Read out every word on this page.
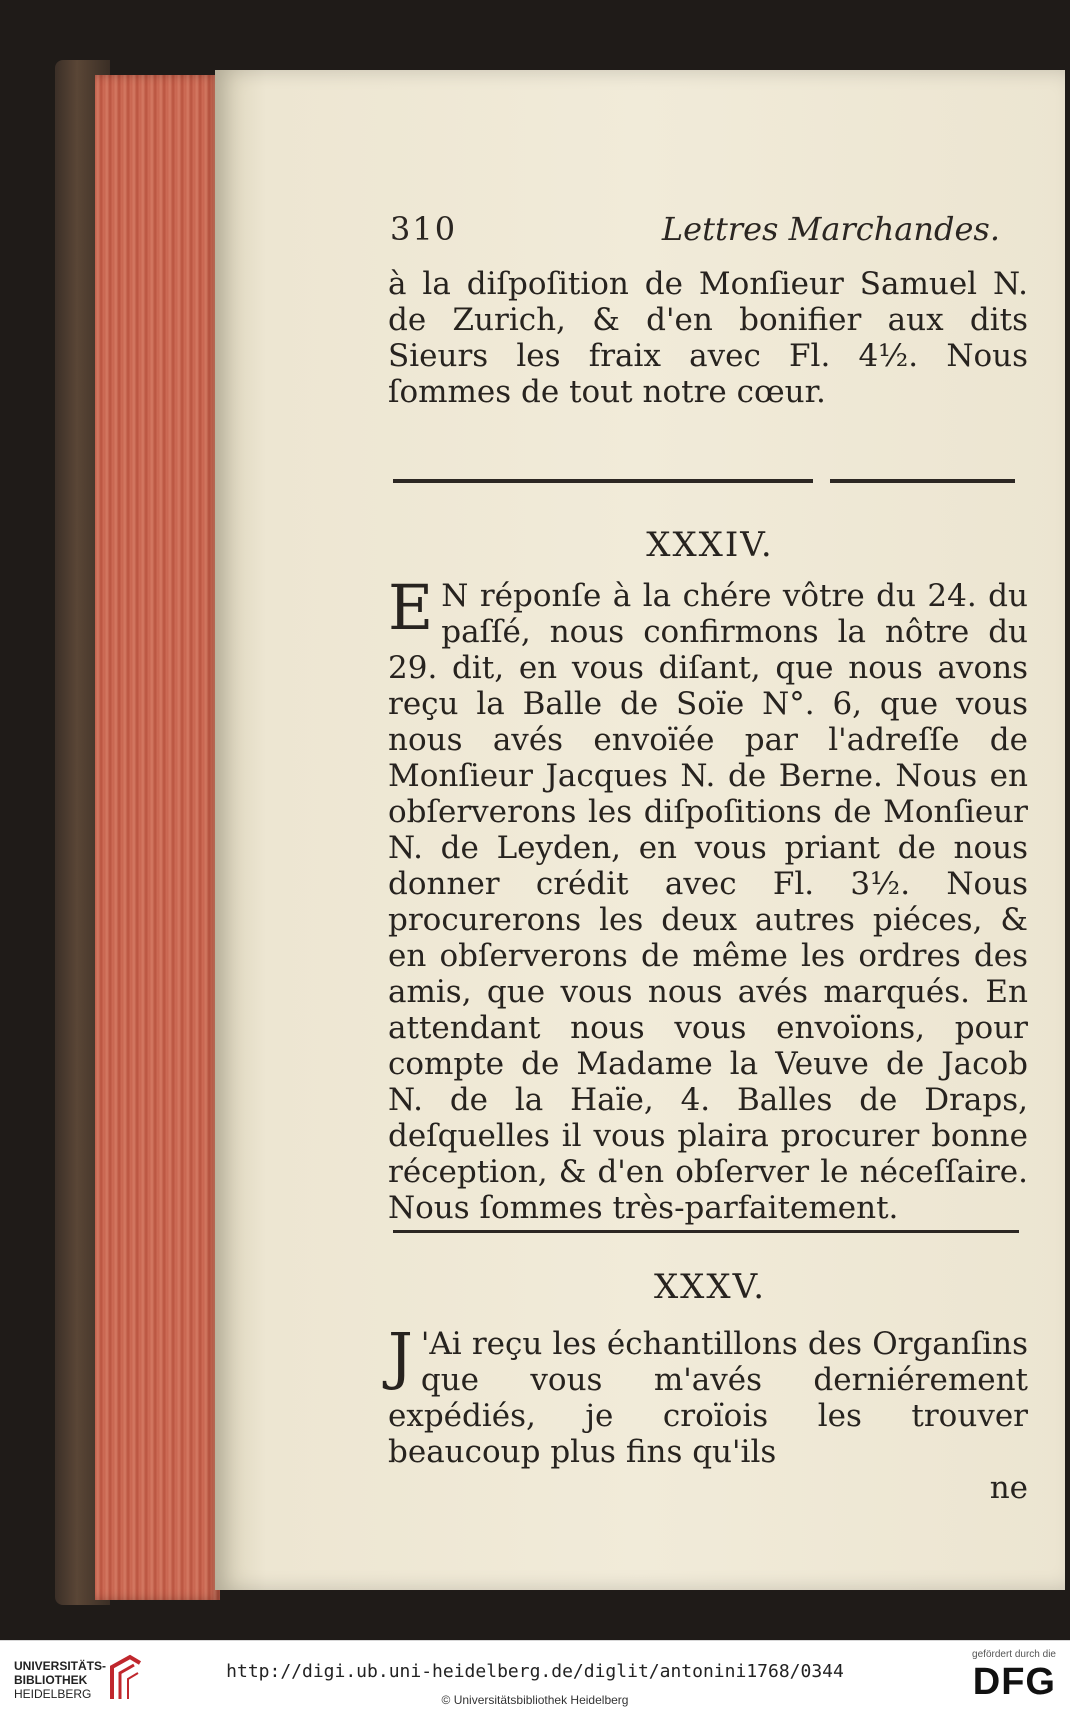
310	Lettres Marchandes.
à la diſpoſition de Monſieur Samuel N. de Zurich, & d'en bonifier aux dits Sieurs les fraix avec Fl. 4½. Nous ſommes de tout notre cœur.
XXXIV.
E N réponſe à la chére vôtre du 24. du paſſé, nous confirmons la nôtre du 29. dit, en vous diſant, que nous avons reçu la Balle de Soïe N°. 6, que vous nous avés envoïée par l'adreſſe de Monſieur Jacques N. de Berne. Nous en obſerverons les diſpoſitions de Monſieur N. de Leyden, en vous priant de nous donner crédit avec Fl. 3½. Nous procurerons les deux autres piéces, & en obſerverons de même les ordres des amis, que vous nous avés marqués. En attendant nous vous envoïons, pour compte de Madame la Veuve de Jacob N. de la Haïe, 4. Balles de Draps, deſquelles il vous plaira procurer bonne réception, & d'en obſerver le néceſſaire. Nous ſommes très-parfaitement.
XXXV.
J 'Ai reçu les échantillons des Organſins que vous m'avés derniérement expédiés, je croïois les trouver beaucoup plus fins qu'ils
ne
UNIVERSITÄTS-
BIBLIOTHEK
HEIDELBERG
http://digi.ub.uni-heidelberg.de/diglit/antonini1768/0344
© Universitätsbibliothek Heidelberg
gefördert durch die
DFG
